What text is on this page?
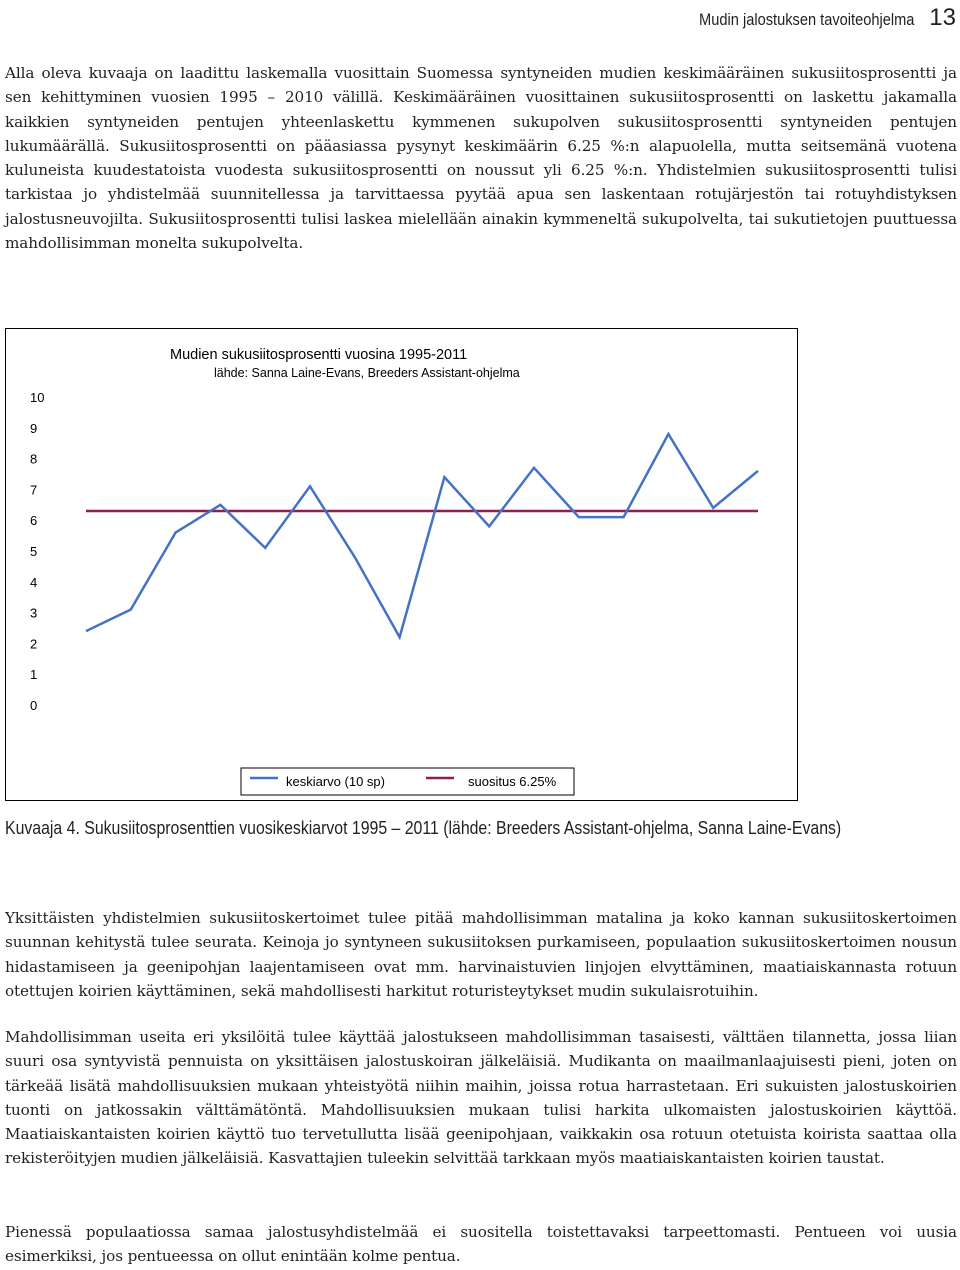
Mudin jalostuksen tavoiteohjelma 13

Alla oleva kuvaaja on laadittu laskemalla vuosittain Suomessa syntyneiden mudien keskimääräinen sukusiitosprosentti ja sen kehittyminen vuosien 1995 – 2010 välillä. Keskimääräinen vuosittainen sukusiitosprosentti on laskettu jakamalla kaikkien syntyneiden pentujen yhteenlaskettu kymmenen sukupolven sukusiitosprosentti syntyneiden pentujen lukumäärällä. Sukusiitosprosentti on pääasiassa pysynyt keskimäärin 6.25 %:n alapuolella, mutta seitsemänä vuotena kuluneista kuudestatoista vuodesta sukusiitosprosentti on noussut yli 6.25 %:n. Yhdistelmien sukusiitosprosentti tulisi tarkistaa jo yhdistelmää suunnitellessa ja tarvittaessa pyytää apua sen laskentaan rotujärjestön tai rotuyhdistyksen jalostusneuvojilta. Sukusiitosprosentti tulisi laskea mielellään ainakin kymmeneltä sukupolvelta, tai sukutietojen puuttuessa mahdollisimman monelta sukupolvelta.

Mudien sukusiitosprosentti vuosina 1995-2011
lähde: Sanna Laine-Evans, Breeders Assistant-ohjelma
0
1
2
3
4
5
6
7
8
9
10
keskiarvo (10 sp)	suositus 6.25%
Kuvaaja 4. Sukusiitosprosenttien vuosikeskiarvot 1995 – 2011 (lähde: Breeders Assistant-ohjelma, Sanna Laine-Evans)

Yksittäisten yhdistelmien sukusiitoskertoimet tulee pitää mahdollisimman matalina ja koko kannan sukusiitoskertoimen suunnan kehitystä tulee seurata. Keinoja jo syntyneen sukusiitoksen purkamiseen, populaation sukusiitoskertoimen nousun hidastamiseen ja geenipohjan laajentamiseen ovat mm. harvinaistuvien linjojen elvyttäminen, maatiaiskannasta rotuun otettujen koirien käyttäminen, sekä mahdollisesti harkitut roturisteytykset mudin sukulaisrotuihin.

Mahdollisimman useita eri yksilöitä tulee käyttää jalostukseen mahdollisimman tasaisesti, välttäen tilannetta, jossa liian suuri osa syntyvistä pennuista on yksittäisen jalostuskoiran jälkeläisiä. Mudikanta on maailmanlaajuisesti pieni, joten on tärkeää lisätä mahdollisuuksien mukaan yhteistyötä niihin maihin, joissa rotua harrastetaan. Eri sukuisten jalostuskoirien tuonti on jatkossakin välttämätöntä. Mahdollisuuksien mukaan tulisi harkita ulkomaisten jalostuskoirien käyttöä. Maatiaiskantaisten koirien käyttö tuo tervetullutta lisää geenipohjaan, vaikkakin osa rotuun otetuista koirista saattaa olla rekisteröityjen mudien jälkeläisiä. Kasvattajien tuleekin selvittää tarkkaan myös maatiaiskantaisten koirien taustat.

Pienessä populaatiossa samaa jalostusyhdistelmää ei suositella toistettavaksi tarpeettomasti. Pentueen voi uusia esimerkiksi, jos pentueessa on ollut enintään kolme pentua.
